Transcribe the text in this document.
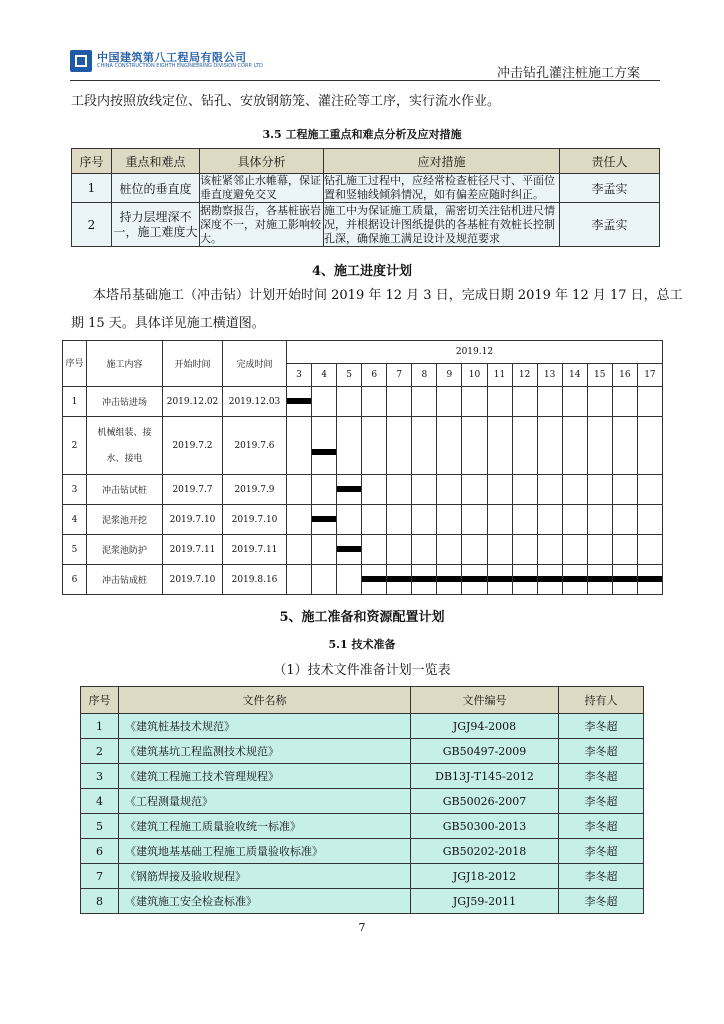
中国建筑第八工程局有限公司
CHINA CONSTRUCTION EIGHTH ENGINEERING DIVISION CORP. LTD	冲击钻孔灌注桩施工方案
工段内按照放线定位、钻孔、安放钢筋笼、灌注砼等工序，实行流水作业。
3.5 工程施工重点和难点分析及应对措施
序号	重点和难点	具体分析	应对措施	责任人
1	桩位的垂直度	该桩紧邻止水帷幕，保证垂直度避免交叉	钻孔施工过程中，应经常检查桩径尺寸、平面位置和竖轴线倾斜情况，如有偏差应随时纠正。	李孟实
2	持力层埋深不一，施工难度大	据勘察报告，各基桩嵌岩深度不一，对施工影响较大。	施工中为保证施工质量，需密切关注钻机进尺情况，并根据设计图纸提供的各基桩有效桩长控制孔深，确保施工满足设计及规范要求	李孟实
4、施工进度计划
本塔吊基础施工（冲击钻）计划开始时间 2019 年 12 月 3 日，完成日期 2019 年 12 月 17 日，总工
期 15 天。具体详见施工横道图。
序号	施工内容	开始时间	完成时间	2019.12														
				3	4	5	6	7	8	9	10	11	12	13	14	15	16	17
1	冲击钻进场	2019.12.02	2019.12.03	

2	机械组装、接水、接电	2019.7.2	2019.7.6		

3	冲击钻试桩	2019.7.7	2019.7.9			

4	泥浆池开挖	2019.7.10	2019.7.10		

5	泥浆池防护	2019.7.11	2019.7.11			

6	冲击钻成桩	2019.7.10	2019.8.16				

5、施工准备和资源配置计划
5.1 技术准备
（1）技术文件准备计划一览表
序号	文件名称	文件编号	持有人
1	《建筑桩基技术规范》	JGJ94-2008	李冬超
2	《建筑基坑工程监测技术规范》	GB50497-2009	李冬超
3	《建筑工程施工技术管理规程》	DB13J-T145-2012	李冬超
4	《工程测量规范》	GB50026-2007	李冬超
5	《建筑工程施工质量验收统一标准》	GB50300-2013	李冬超
6	《建筑地基基础工程施工质量验收标准》	GB50202-2018	李冬超
7	《钢筋焊接及验收规程》	JGJ18-2012	李冬超
8	《建筑施工安全检查标准》	JGJ59-2011	李冬超
7
